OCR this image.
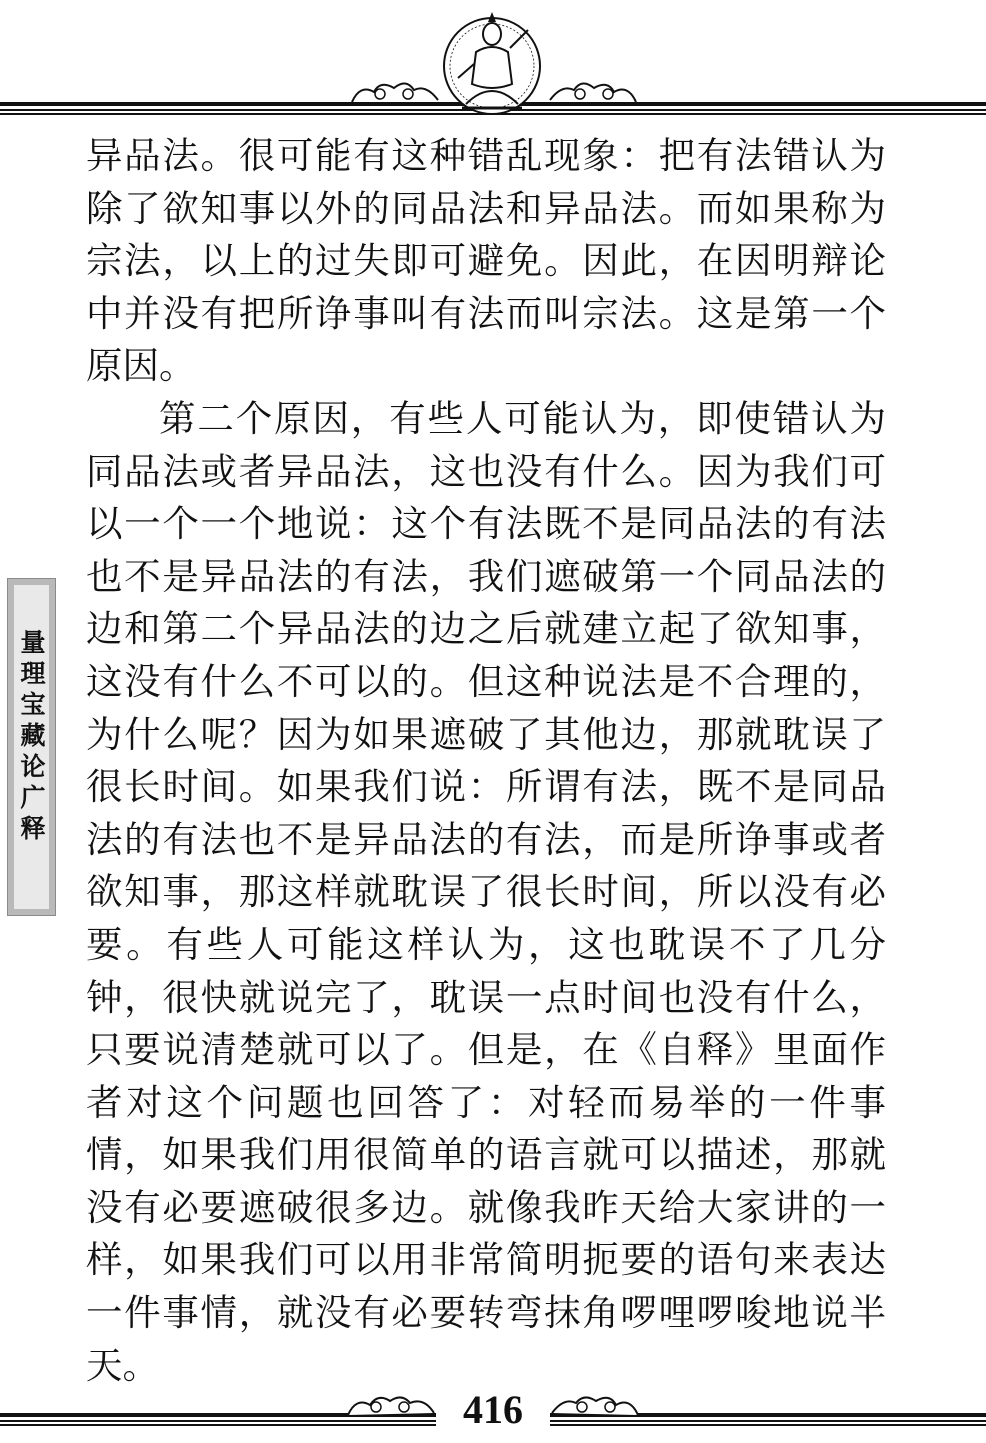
量理宝藏论广释

异品法。很可能有这种错乱现象：把有法错认为除了欲知事以外的同品法和异品法。而如果称为宗法，以上的过失即可避免。因此，在因明辩论中并没有把所诤事叫有法而叫宗法。这是第一个原因。

第二个原因，有些人可能认为，即使错认为同品法或者异品法，这也没有什么。因为我们可以一个一个地说：这个有法既不是同品法的有法也不是异品法的有法，我们遮破第一个同品法的边和第二个异品法的边之后就建立起了欲知事，这没有什么不可以的。但这种说法是不合理的，为什么呢？因为如果遮破了其他边，那就耽误了很长时间。如果我们说：所谓有法，既不是同品法的有法也不是异品法的有法，而是所诤事或者欲知事，那这样就耽误了很长时间，所以没有必要。有些人可能这样认为，这也耽误不了几分钟，很快就说完了，耽误一点时间也没有什么，只要说清楚就可以了。但是，在《自释》里面作者对这个问题也回答了：对轻而易举的一件事情，如果我们用很简单的语言就可以描述，那就没有必要遮破很多边。就像我昨天给大家讲的一样，如果我们可以用非常简明扼要的语句来表达一件事情，就没有必要转弯抹角啰哩啰唆地说半天。

416
